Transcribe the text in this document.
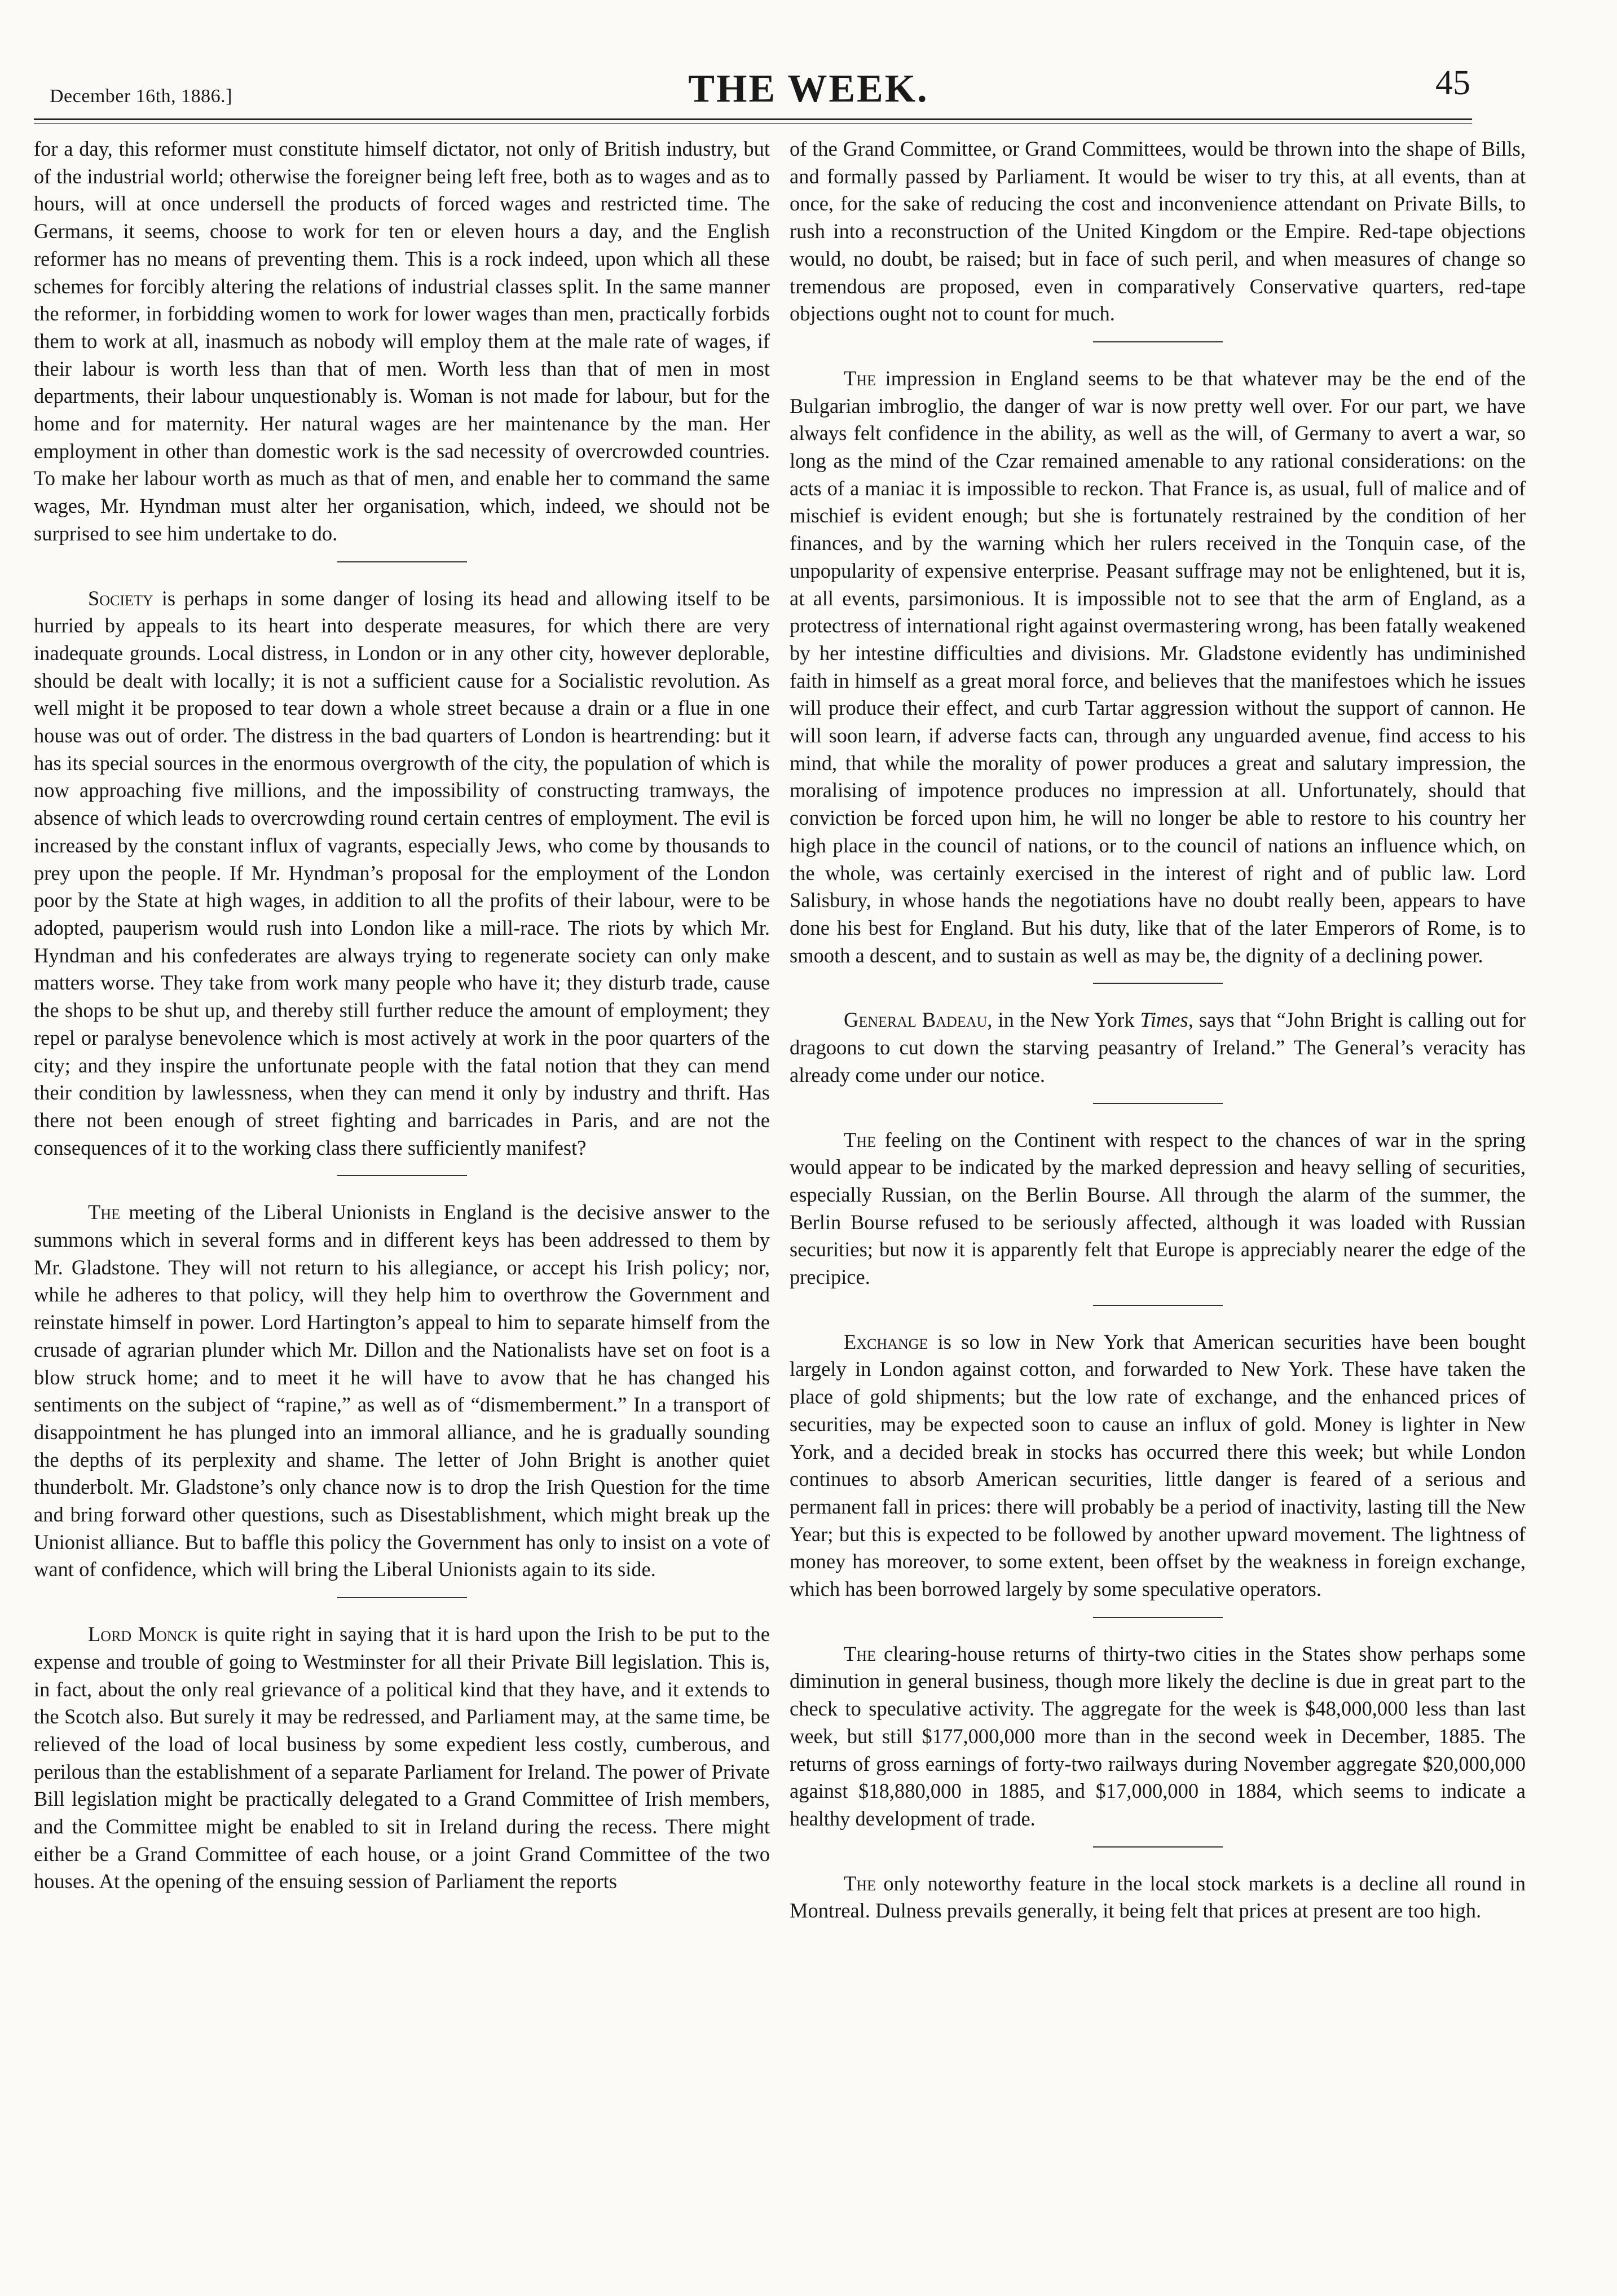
December 16th, 1886.]	THE WEEK.	45

for a day, this reformer must constitute himself dictator, not only of British industry, but of the industrial world; otherwise the foreigner being left free, both as to wages and as to hours, will at once undersell the products of forced wages and restricted time. The Germans, it seems, choose to work for ten or eleven hours a day, and the English reformer has no means of preventing them. This is a rock indeed, upon which all these schemes for forcibly altering the relations of industrial classes split. In the same manner the reformer, in forbidding women to work for lower wages than men, practically forbids them to work at all, inasmuch as nobody will employ them at the male rate of wages, if their labour is worth less than that of men. Worth less than that of men in most departments, their labour unquestionably is. Woman is not made for labour, but for the home and for maternity. Her natural wages are her maintenance by the man. Her employment in other than domestic work is the sad necessity of overcrowded countries. To make her labour worth as much as that of men, and enable her to command the same wages, Mr. Hyndman must alter her organisation, which, indeed, we should not be surprised to see him undertake to do.

Society is perhaps in some danger of losing its head and allowing itself to be hurried by appeals to its heart into desperate measures, for which there are very inadequate grounds. Local distress, in London or in any other city, however deplorable, should be dealt with locally; it is not a sufficient cause for a Socialistic revolution. As well might it be proposed to tear down a whole street because a drain or a flue in one house was out of order. The distress in the bad quarters of London is heartrending: but it has its special sources in the enormous overgrowth of the city, the population of which is now approaching five millions, and the impossibility of constructing tramways, the absence of which leads to overcrowding round certain centres of employment. The evil is increased by the constant influx of vagrants, especially Jews, who come by thousands to prey upon the people. If Mr. Hyndman’s proposal for the employment of the London poor by the State at high wages, in addition to all the profits of their labour, were to be adopted, pauperism would rush into London like a mill-race. The riots by which Mr. Hyndman and his confederates are always trying to regenerate society can only make matters worse. They take from work many people who have it; they disturb trade, cause the shops to be shut up, and thereby still further reduce the amount of employment; they repel or paralyse benevolence which is most actively at work in the poor quarters of the city; and they inspire the unfortunate people with the fatal notion that they can mend their condition by lawlessness, when they can mend it only by industry and thrift. Has there not been enough of street fighting and barricades in Paris, and are not the consequences of it to the working class there sufficiently manifest?

The meeting of the Liberal Unionists in England is the decisive answer to the summons which in several forms and in different keys has been addressed to them by Mr. Gladstone. They will not return to his allegiance, or accept his Irish policy; nor, while he adheres to that policy, will they help him to overthrow the Government and reinstate himself in power. Lord Hartington’s appeal to him to separate himself from the crusade of agrarian plunder which Mr. Dillon and the Nationalists have set on foot is a blow struck home; and to meet it he will have to avow that he has changed his sentiments on the subject of “rapine,” as well as of “dismemberment.” In a transport of disappointment he has plunged into an immoral alliance, and he is gradually sounding the depths of its perplexity and shame. The letter of John Bright is another quiet thunderbolt. Mr. Gladstone’s only chance now is to drop the Irish Question for the time and bring forward other questions, such as Disestablishment, which might break up the Unionist alliance. But to baffle this policy the Government has only to insist on a vote of want of confidence, which will bring the Liberal Unionists again to its side.

Lord Monck is quite right in saying that it is hard upon the Irish to be put to the expense and trouble of going to Westminster for all their Private Bill legislation. This is, in fact, about the only real grievance of a political kind that they have, and it extends to the Scotch also. But surely it may be redressed, and Parliament may, at the same time, be relieved of the load of local business by some expedient less costly, cumberous, and perilous than the establishment of a separate Parliament for Ireland. The power of Private Bill legislation might be practically delegated to a Grand Committee of Irish members, and the Committee might be enabled to sit in Ireland during the recess. There might either be a Grand Committee of each house, or a joint Grand Committee of the two houses. At the opening of the ensuing session of Parliament the reports

of the Grand Committee, or Grand Committees, would be thrown into the shape of Bills, and formally passed by Parliament. It would be wiser to try this, at all events, than at once, for the sake of reducing the cost and inconvenience attendant on Private Bills, to rush into a reconstruction of the United Kingdom or the Empire. Red-tape objections would, no doubt, be raised; but in face of such peril, and when measures of change so tremendous are proposed, even in comparatively Conservative quarters, red-tape objections ought not to count for much.

The impression in England seems to be that whatever may be the end of the Bulgarian imbroglio, the danger of war is now pretty well over. For our part, we have always felt confidence in the ability, as well as the will, of Germany to avert a war, so long as the mind of the Czar remained amenable to any rational considerations: on the acts of a maniac it is impossible to reckon. That France is, as usual, full of malice and of mischief is evident enough; but she is fortunately restrained by the condition of her finances, and by the warning which her rulers received in the Tonquin case, of the unpopularity of expensive enterprise. Peasant suffrage may not be enlightened, but it is, at all events, parsimonious. It is impossible not to see that the arm of England, as a protectress of international right against overmastering wrong, has been fatally weakened by her intestine difficulties and divisions. Mr. Gladstone evidently has undiminished faith in himself as a great moral force, and believes that the manifestoes which he issues will produce their effect, and curb Tartar aggression without the support of cannon. He will soon learn, if adverse facts can, through any unguarded avenue, find access to his mind, that while the morality of power produces a great and salutary impression, the moralising of impotence produces no impression at all. Unfortunately, should that conviction be forced upon him, he will no longer be able to restore to his country her high place in the council of nations, or to the council of nations an influence which, on the whole, was certainly exercised in the interest of right and of public law. Lord Salisbury, in whose hands the negotiations have no doubt really been, appears to have done his best for England. But his duty, like that of the later Emperors of Rome, is to smooth a descent, and to sustain as well as may be, the dignity of a declining power.

General Badeau, in the New York Times, says that “John Bright is calling out for dragoons to cut down the starving peasantry of Ireland.” The General’s veracity has already come under our notice.

The feeling on the Continent with respect to the chances of war in the spring would appear to be indicated by the marked depression and heavy selling of securities, especially Russian, on the Berlin Bourse. All through the alarm of the summer, the Berlin Bourse refused to be seriously affected, although it was loaded with Russian securities; but now it is apparently felt that Europe is appreciably nearer the edge of the precipice.

Exchange is so low in New York that American securities have been bought largely in London against cotton, and forwarded to New York. These have taken the place of gold shipments; but the low rate of exchange, and the enhanced prices of securities, may be expected soon to cause an influx of gold. Money is lighter in New York, and a decided break in stocks has occurred there this week; but while London continues to absorb American securities, little danger is feared of a serious and permanent fall in prices: there will probably be a period of inactivity, lasting till the New Year; but this is expected to be followed by another upward movement. The lightness of money has moreover, to some extent, been offset by the weakness in foreign exchange, which has been borrowed largely by some speculative operators.

The clearing-house returns of thirty-two cities in the States show perhaps some diminution in general business, though more likely the decline is due in great part to the check to speculative activity. The aggregate for the week is $48,000,000 less than last week, but still $177,000,000 more than in the second week in December, 1885. The returns of gross earnings of forty-two railways during November aggregate $20,000,000 against $18,880,000 in 1885, and $17,000,000 in 1884, which seems to indicate a healthy development of trade.

The only noteworthy feature in the local stock markets is a decline all round in Montreal. Dulness prevails generally, it being felt that prices at present are too high.
